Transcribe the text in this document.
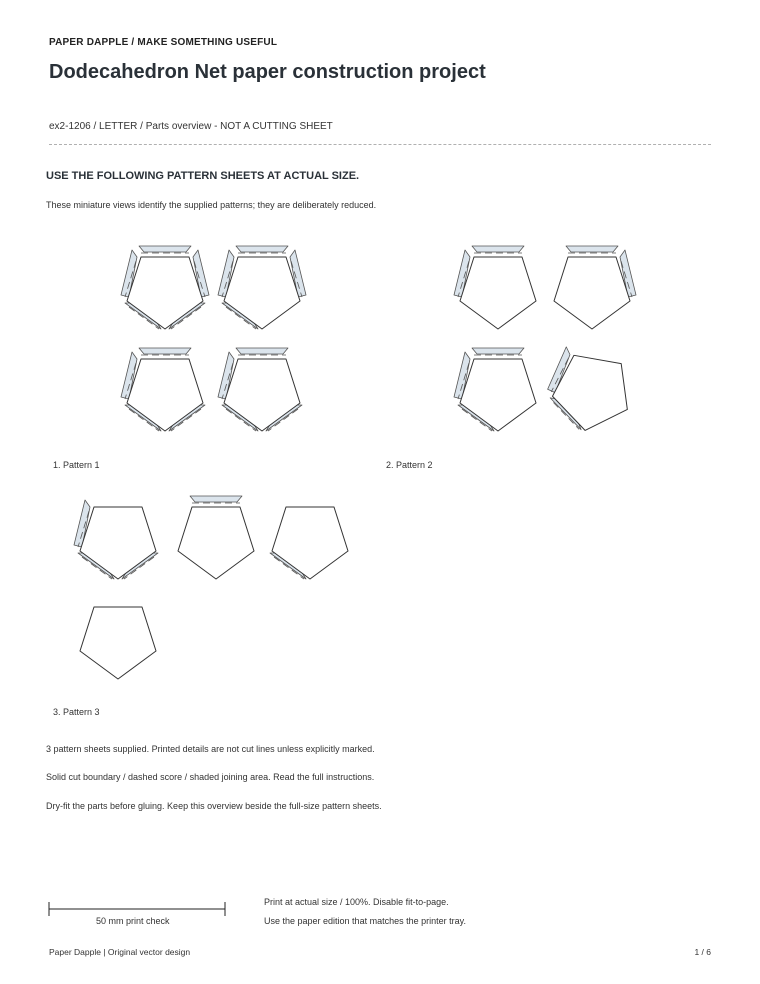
PAPER DAPPLE / MAKE SOMETHING USEFUL
Dodecahedron Net paper construction project
ex2-1206 / LETTER / Parts overview - NOT A CUTTING SHEET
USE THE FOLLOWING PATTERN SHEETS AT ACTUAL SIZE.
These miniature views identify the supplied patterns; they are deliberately reduced.
1. Pattern 1	2. Pattern 2
3. Pattern 3
3 pattern sheets supplied. Printed details are not cut lines unless explicitly marked.
Solid cut boundary / dashed score / shaded joining area. Read the full instructions.
Dry-fit the parts before gluing. Keep this overview beside the full-size pattern sheets.
50 mm print check
Print at actual size / 100%. Disable fit-to-page.
Use the paper edition that matches the printer tray.
Paper Dapple | Original vector design	1 / 6
